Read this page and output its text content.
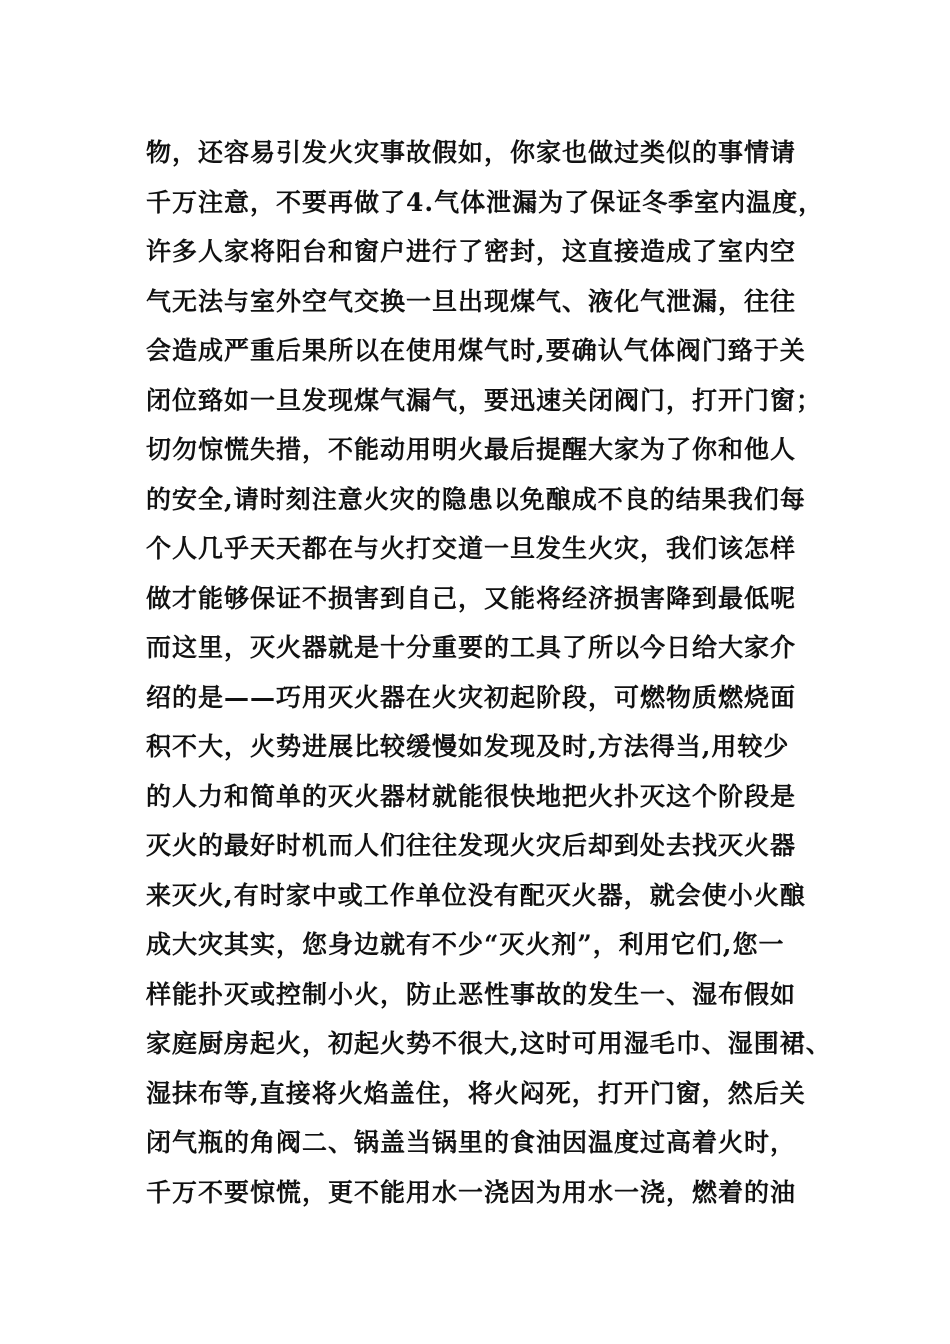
物，还容易引发火灾事故假如，你家也做过类似的事情请
千万注意，不要再做了4.气体泄漏为了保证冬季室内温度，
许多人家将阳台和窗户进行了密封，这直接造成了室内空
气无法与室外空气交换一旦出现煤气、液化气泄漏，往往
会造成严重后果所以在使用煤气时,要确认气体阀门臵于关
闭位臵如一旦发现煤气漏气，要迅速关闭阀门，打开门窗；
切勿惊慌失措，不能动用明火最后提醒大家为了你和他人
的安全,请时刻注意火灾的隐患以免酿成不良的结果我们每
个人几乎天天都在与火打交道一旦发生火灾，我们该怎样
做才能够保证不损害到自己，又能将经济损害降到最低呢
而这里，灭火器就是十分重要的工具了所以今日给大家介
绍的是——巧用灭火器在火灾初起阶段，可燃物质燃烧面
积不大，火势进展比较缓慢如发现及时,方法得当,用较少
的人力和简单的灭火器材就能很快地把火扑灭这个阶段是
灭火的最好时机而人们往往发现火灾后却到处去找灭火器
来灭火,有时家中或工作单位没有配灭火器，就会使小火酿
成大灾其实，您身边就有不少“灭火剂”，利用它们,您一
样能扑灭或控制小火，防止恶性事故的发生一、湿布假如
家庭厨房起火，初起火势不很大,这时可用湿毛巾、湿围裙、
湿抹布等,直接将火焰盖住，将火闷死，打开门窗，然后关
闭气瓶的角阀二、锅盖当锅里的食油因温度过高着火时，
千万不要惊慌，更不能用水一浇因为用水一浇，燃着的油
